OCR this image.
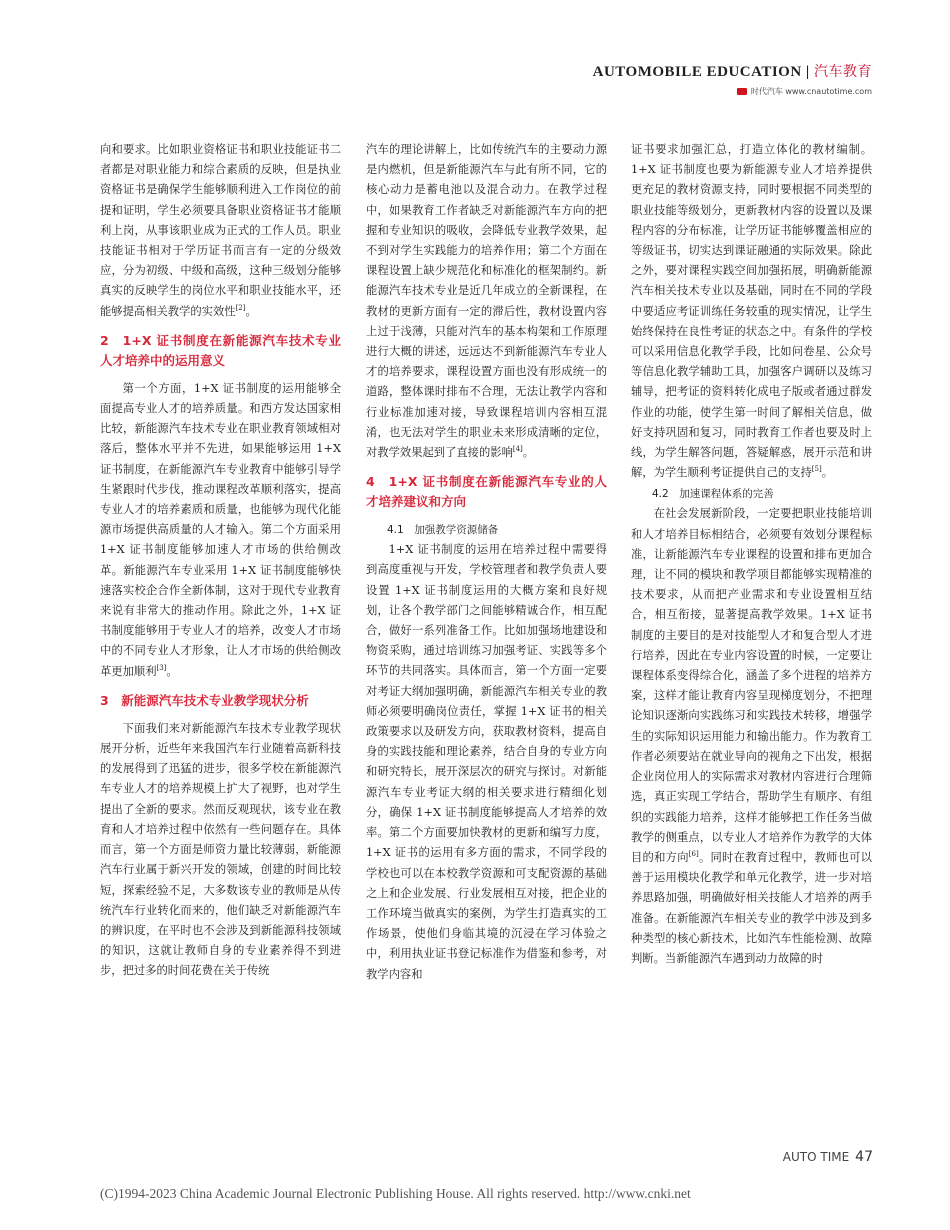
AUTOMOBILE EDUCATION | 汽车教育
时代汽车 www.cnautotime.com

向和要求。比如职业资格证书和职业技能证书二者都是对职业能力和综合素质的反映，但是执业资格证书是确保学生能够顺利进入工作岗位的前提和证明，学生必须要具备职业资格证书才能顺利上岗，从事该职业成为正式的工作人员。职业技能证书相对于学历证书而言有一定的分级效应，分为初级、中级和高级，这种三级划分能够真实的反映学生的岗位水平和职业技能水平，还能够提高相关教学的实效性[2]。

2　1+X 证书制度在新能源汽车技术专业人才培养中的运用意义

第一个方面，1+X 证书制度的运用能够全面提高专业人才的培养质量。和西方发达国家相比较，新能源汽车技术专业在职业教育领域相对落后，整体水平并不先进，如果能够运用 1+X 证书制度，在新能源汽车专业教育中能够引导学生紧跟时代步伐，推动课程改革顺利落实，提高专业人才的培养素质和质量，也能够为现代化能源市场提供高质量的人才输入。第二个方面采用 1+X 证书制度能够加速人才市场的供给侧改革。新能源汽车专业采用 1+X 证书制度能够快速落实校企合作全新体制，这对于现代专业教育来说有非常大的推动作用。除此之外，1+X 证书制度能够用于专业人才的培养，改变人才市场中的不同专业人才形象，让人才市场的供给侧改革更加顺利[3]。

3　新能源汽车技术专业教学现状分析

下面我们来对新能源汽车技术专业教学现状展开分析，近些年来我国汽车行业随着高新科技的发展得到了迅猛的进步，很多学校在新能源汽车专业人才的培养规模上扩大了视野，也对学生提出了全新的要求。然而反观现状，该专业在教育和人才培养过程中依然有一些问题存在。具体而言，第一个方面是师资力量比较薄弱，新能源汽车行业属于新兴开发的领域，创建的时间比较短，探索经验不足，大多数该专业的教师是从传统汽车行业转化而来的，他们缺乏对新能源汽车的辨识度，在平时也不会涉及到新能源科技领域的知识，这就让教师自身的专业素养得不到进步，把过多的时间花费在关于传统

汽车的理论讲解上，比如传统汽车的主要动力源是内燃机，但是新能源汽车与此有所不同，它的核心动力是蓄电池以及混合动力。在教学过程中，如果教育工作者缺乏对新能源汽车方向的把握和专业知识的吸收，会降低专业教学效果，起不到对学生实践能力的培养作用；第二个方面在课程设置上缺少规范化和标准化的框架制约。新能源汽车技术专业是近几年成立的全新课程，在教材的更新方面有一定的滞后性，教材设置内容上过于浅薄，只能对汽车的基本构架和工作原理进行大概的讲述，远远达不到新能源汽车专业人才的培养要求，课程设置方面也没有形成统一的道路，整体课时排布不合理，无法让教学内容和行业标准加速对接，导致课程培训内容相互混淆，也无法对学生的职业未来形成清晰的定位，对教学效果起到了直接的影响[4]。

4　1+X 证书制度在新能源汽车专业的人才培养建议和方向
4.1　加强教学资源储备

1+X 证书制度的运用在培养过程中需要得到高度重视与开发，学校管理者和教学负责人要设置 1+X 证书制度运用的大概方案和良好规划，让各个教学部门之间能够精诚合作，相互配合，做好一系列准备工作。比如加强场地建设和物资采购，通过培训练习加强考证、实践等多个环节的共同落实。具体而言，第一个方面一定要对考证大纲加强明确，新能源汽车相关专业的教师必须要明确岗位责任，掌握 1+X 证书的相关政策要求以及研发方向，获取教材资料，提高自身的实践技能和理论素养，结合自身的专业方向和研究特长，展开深层次的研究与探讨。对新能源汽车专业考证大纲的相关要求进行精细化划分，确保 1+X 证书制度能够提高人才培养的效率。第二个方面要加快教材的更新和编写力度，1+X 证书的运用有多方面的需求，不同学段的学校也可以在本校教学资源和可支配资源的基础之上和企业发展、行业发展相互对接，把企业的工作环境当做真实的案例，为学生打造真实的工作场景，使他们身临其境的沉浸在学习体验之中，利用执业证书登记标准作为借鉴和参考，对教学内容和

证书要求加强汇总，打造立体化的教材编制。1+X 证书制度也要为新能源专业人才培养提供更充足的教材资源支持，同时要根据不同类型的职业技能等级划分，更新教材内容的设置以及课程内容的分布标准，让学历证书能够覆盖相应的等级证书，切实达到课证融通的实际效果。除此之外，要对课程实践空间加强拓展，明确新能源汽车相关技术专业以及基础，同时在不同的学段中要适应考证训练任务较重的现实情况，让学生始终保持在良性考证的状态之中。有条件的学校可以采用信息化教学手段，比如问卷星、公众号等信息化教学辅助工具，加强客户调研以及练习辅导，把考证的资料转化成电子版或者通过群发作业的功能，使学生第一时间了解相关信息，做好支持巩固和复习，同时教育工作者也要及时上线，为学生解答问题，答疑解惑，展开示范和讲解，为学生顺利考证提供自己的支持[5]。

4.2　加速课程体系的完善

在社会发展新阶段，一定要把职业技能培训和人才培养目标相结合，必须要有效划分课程标准，让新能源汽车专业课程的设置和排布更加合理，让不同的模块和教学项目都能够实现精准的技术要求，从而把产业需求和专业设置相互结合，相互衔接，显著提高教学效果。1+X 证书制度的主要目的是对技能型人才和复合型人才进行培养，因此在专业内容设置的时候，一定要让课程体系变得综合化，涵盖了多个进程的培养方案，这样才能让教育内容呈现梯度划分，不把理论知识逐渐向实践练习和实践技术转移，增强学生的实际知识运用能力和输出能力。作为教育工作者必须要站在就业导向的视角之下出发，根据企业岗位用人的实际需求对教材内容进行合理筛选，真正实现工学结合，帮助学生有顺序、有组织的实践能力培养，这样才能够把工作任务当做教学的侧重点，以专业人才培养作为教学的大体目的和方向[6]。同时在教育过程中，教师也可以善于运用模块化教学和单元化教学，进一步对培养思路加强，明确做好相关技能人才培养的两手准备。在新能源汽车相关专业的教学中涉及到多种类型的核心新技术，比如汽车性能检测、故障判断。当新能源汽车遇到动力故障的时

AUTO TIME 47
(C)1994-2023 China Academic Journal Electronic Publishing House. All rights reserved. http://www.cnki.net
